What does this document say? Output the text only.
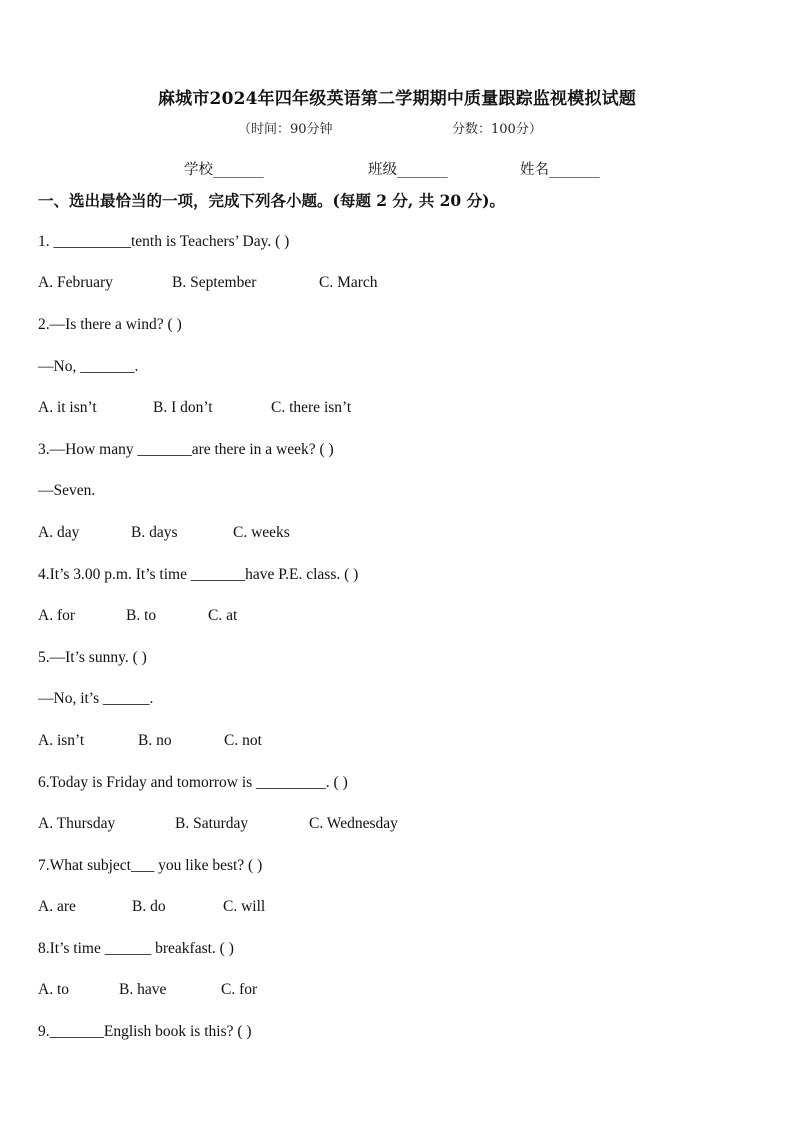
麻城市2024年四年级英语第二学期期中质量跟踪监视模拟试题
（时间：90分钟	分数：100分）
学校_______	班级_______	姓名_______
一、选出最恰当的一项，完成下列各小题。(每题 2 分, 共 20 分)。
1. __________tenth is Teachers’ Day. ( )
A. February	B. September	C. March
2.—Is there a wind? ( )
—No, _______.
A. it isn’t	B. I don’t	C. there isn’t
3.—How many _______are there in a week? ( )
—Seven.
A. day	B. days	C. weeks
4.It’s 3.00 p.m. It’s time _______have P.E. class. ( )
A. for	B. to	C. at
5.—It’s sunny. ( )
—No, it’s ______.
A. isn’t	B. no	C. not
6.Today is Friday and tomorrow is _________. ( )
A. Thursday	B. Saturday	C. Wednesday
7.What subject___ you like best? ( )
A. are	B. do	C. will
8.It’s time ______ breakfast. ( )
A. to	B. have	C. for
9._______English book is this? ( )
